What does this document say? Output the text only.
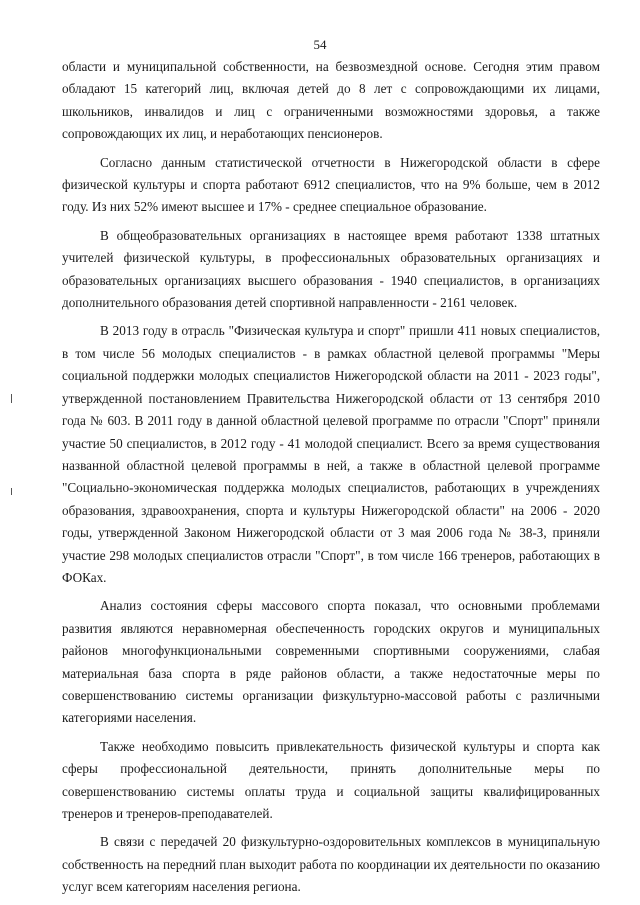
54

области и муниципальной собственности, на безвозмездной основе. Сегодня этим правом обладают 15 категорий лиц, включая детей до 8 лет с сопровождающими их лицами, школьников, инвалидов и лиц с ограниченными возможностями здоровья, а также сопровождающих их лиц, и неработающих пенсионеров.

Согласно данным статистической отчетности в Нижегородской области в сфере физической культуры и спорта работают 6912 специалистов, что на 9% больше, чем в 2012 году. Из них 52% имеют высшее и 17% - среднее специальное образование.

В общеобразовательных организациях в настоящее время работают 1338 штатных учителей физической культуры, в профессиональных образовательных организациях и образовательных организациях высшего образования - 1940 специалистов, в организациях дополнительного образования детей спортивной направленности - 2161 человек.

В 2013 году в отрасль "Физическая культура и спорт" пришли 411 новых специалистов, в том числе 56 молодых специалистов - в рамках областной целевой программы "Меры социальной поддержки молодых специалистов Нижегородской области на 2011 - 2023 годы", утвержденной постановлением Правительства Нижегородской области от 13 сентября 2010 года № 603. В 2011 году в данной областной целевой программе по отрасли "Спорт" приняли участие 50 специалистов, в 2012 году - 41 молодой специалист. Всего за время существования названной областной целевой программы в ней, а также в областной целевой программе "Социально-экономическая поддержка молодых специалистов, работающих в учреждениях образования, здравоохранения, спорта и культуры Нижегородской области" на 2006 - 2020 годы, утвержденной Законом Нижегородской области от 3 мая 2006 года № 38-З, приняли участие 298 молодых специалистов отрасли "Спорт", в том числе 166 тренеров, работающих в ФОКах.

Анализ состояния сферы массового спорта показал, что основными проблемами развития являются неравномерная обеспеченность городских округов и муниципальных районов многофункциональными современными спортивными сооружениями, слабая материальная база спорта в ряде районов области, а также недостаточные меры по совершенствованию системы организации физкультурно-массовой работы с различными категориями населения.

Также необходимо повысить привлекательность физической культуры и спорта как сферы профессиональной деятельности, принять дополнительные меры по совершенствованию системы оплаты труда и социальной защиты квалифицированных тренеров и тренеров-преподавателей.

В связи с передачей 20 физкультурно-оздоровительных комплексов в муниципальную собственность на передний план выходит работа по координации их деятельности по оказанию услуг всем категориям населения региона.
